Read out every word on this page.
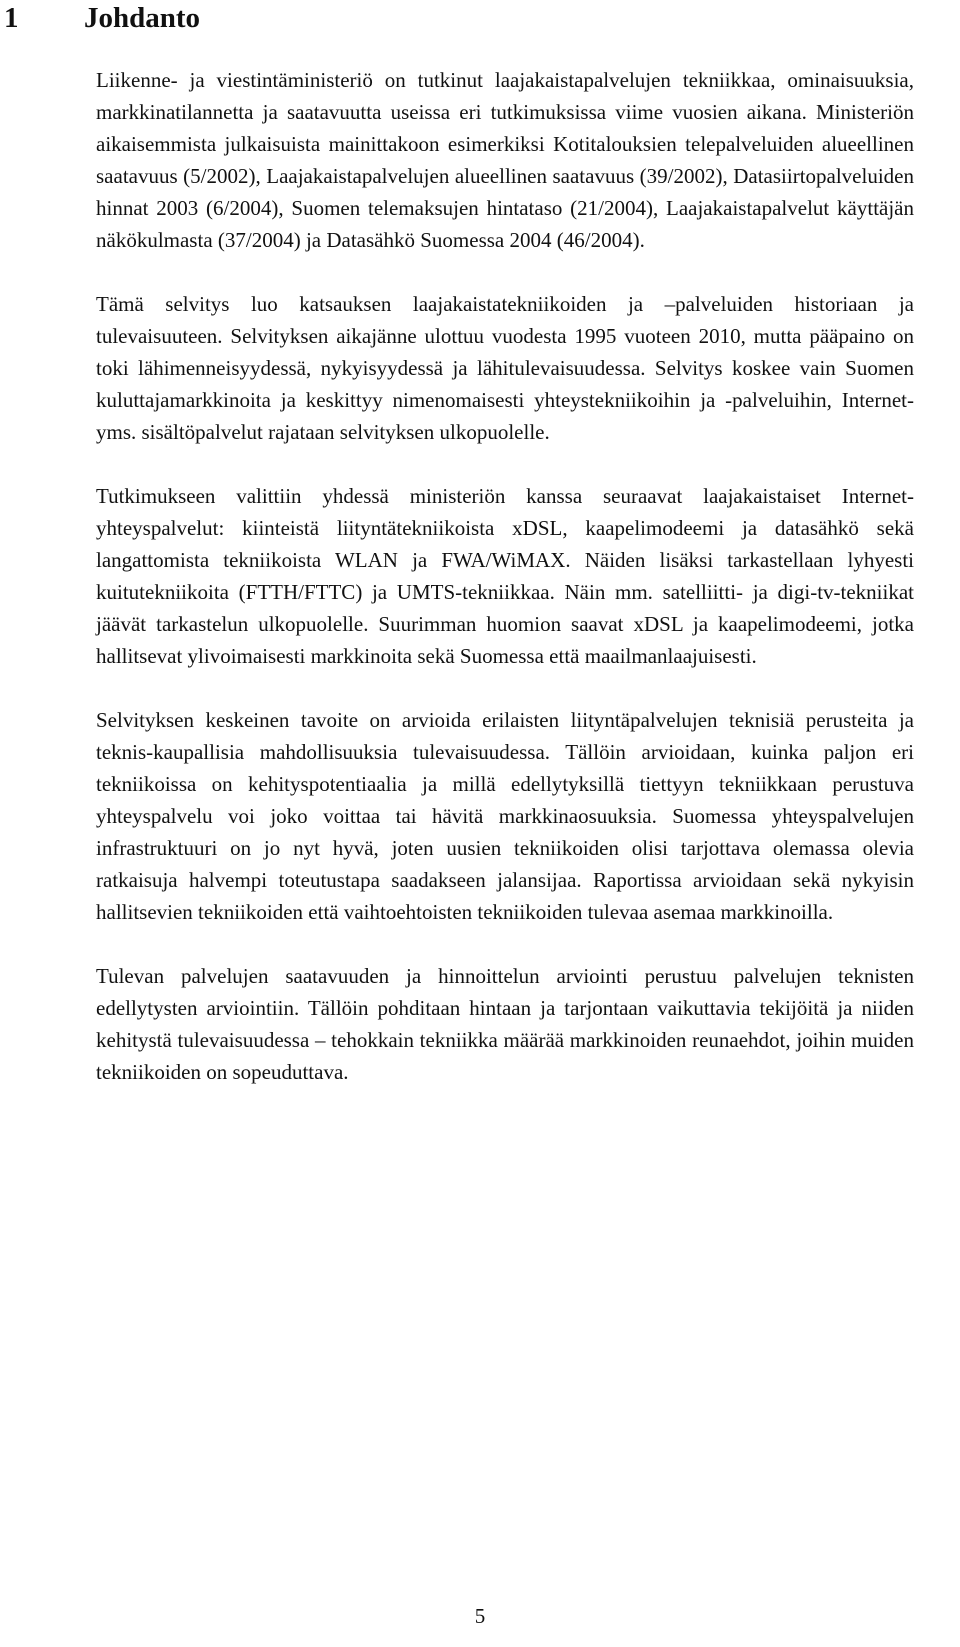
1 Johdanto

Liikenne- ja viestintäministeriö on tutkinut laajakaistapalvelujen tekniikkaa, ominaisuuksia, markkinatilannetta ja saatavuutta useissa eri tutkimuksissa viime vuosien aikana. Ministeriön aikaisemmista julkaisuista mainittakoon esimerkiksi Kotitalouksien telepalveluiden alueellinen saatavuus (5/2002), Laajakaistapalvelujen alueellinen saatavuus (39/2002), Datasiirtopalveluiden hinnat 2003 (6/2004), Suomen telemaksujen hintataso (21/2004), Laajakaistapalvelut käyttäjän näkökulmasta (37/2004) ja Datasähkö Suomessa 2004 (46/2004).

Tämä selvitys luo katsauksen laajakaistatekniikoiden ja –palveluiden historiaan ja tulevaisuuteen. Selvityksen aikajänne ulottuu vuodesta 1995 vuoteen 2010, mutta pääpaino on toki lähimenneisyydessä, nykyisyydessä ja lähitulevaisuudessa. Selvitys koskee vain Suomen kuluttajamarkkinoita ja keskittyy nimenomaisesti yhteystekniikoihin ja -palveluihin, Internet- yms. sisältöpalvelut rajataan selvityksen ulkopuolelle.

Tutkimukseen valittiin yhdessä ministeriön kanssa seuraavat laajakaistaiset Internet-yhteyspalvelut: kiinteistä liityntätekniikoista xDSL, kaapelimodeemi ja datasähkö sekä langattomista tekniikoista WLAN ja FWA/WiMAX. Näiden lisäksi tarkastellaan lyhyesti kuitutekniikoita (FTTH/FTTC) ja UMTS-tekniikkaa. Näin mm. satelliitti- ja digi-tv-tekniikat jäävät tarkastelun ulkopuolelle. Suurimman huomion saavat xDSL ja kaapelimodeemi, jotka hallitsevat ylivoimaisesti markkinoita sekä Suomessa että maailmanlaajuisesti.

Selvityksen keskeinen tavoite on arvioida erilaisten liityntäpalvelujen teknisiä perusteita ja teknis-kaupallisia mahdollisuuksia tulevaisuudessa. Tällöin arvioidaan, kuinka paljon eri tekniikoissa on kehityspotentiaalia ja millä edellytyksillä tiettyyn tekniikkaan perustuva yhteyspalvelu voi joko voittaa tai hävitä markkinaosuuksia. Suomessa yhteyspalvelujen infrastruktuuri on jo nyt hyvä, joten uusien tekniikoiden olisi tarjottava olemassa olevia ratkaisuja halvempi toteutustapa saadakseen jalansijaa. Raportissa arvioidaan sekä nykyisin hallitsevien tekniikoiden että vaihtoehtoisten tekniikoiden tulevaa asemaa markkinoilla.

Tulevan palvelujen saatavuuden ja hinnoittelun arviointi perustuu palvelujen teknisten edellytysten arviointiin. Tällöin pohditaan hintaan ja tarjontaan vaikuttavia tekijöitä ja niiden kehitystä tulevaisuudessa – tehokkain tekniikka määrää markkinoiden reunaehdot, joihin muiden tekniikoiden on sopeuduttava.

5
